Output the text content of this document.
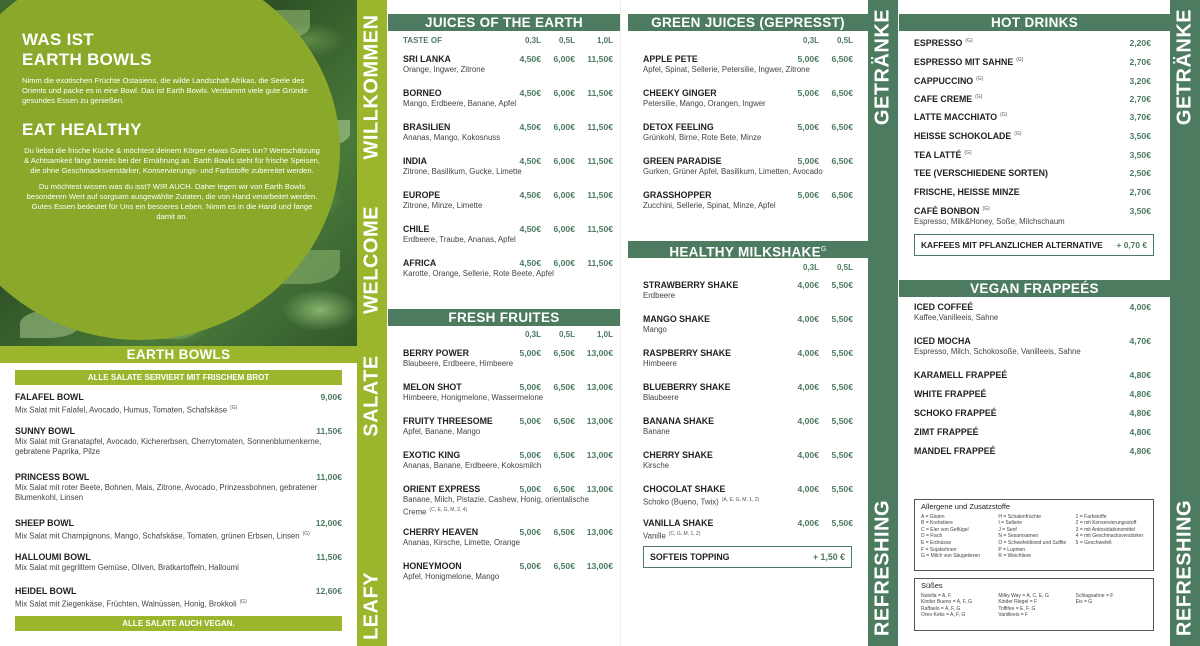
WAS IST
EARTH BOWLS

Nimm die exotischen Früchte Ostasiens, die wilde Landschaft Afrikas, die Seele des Orients und packe es in eine Bowl. Das ist Earth Bowls. Verdammt viele gute Gründe gesundes Essen zu genießen.

EAT HEALTHY

Du liebst die frische Küche & möchtest deinem Körper etwas Gutes tun? Wertschätzung & Achtsamkeit fängt bereits bei der Ernährung an. Earth Bowls steht für frische Speisen, die ohne Geschmacksverstärker, Konservierungs- und Farbstoffe zubereitet werden.

Du möchtest wissen was du isst? WIR AUCH. Daher legen wir von Earth Bowls besonderen Wert auf sorgsam ausgewählte Zutaten, die von Hand verarbeitet werden. Gutes Essen bedeutet für Uns ein besseres Leben. Nimm es in die Hand und fange damit an.

WILLKOMMEN
WELCOME
SALATE
LEAFY
GETRÄNKE
REFRESHING
GETRÄNKE
REFRESHING
EARTH BOWLS
ALLE SALATE SERVIERT MIT FRISCHEM BROT
FALAFEL BOWL	9,00€
Mix Salat mit Falafel, Avocado, Humus, Tomaten, Schafskäse $^{(G)}$
SUNNY BOWL	11,50€
Mix Salat mit Granatapfel, Avocado, Kichererbsen, Cherrytomaten, Sonnenblumenkerne, gebratene Paprika, Pilze
PRINCESS BOWL	11,00€
Mix Salat mit roter Beete, Bohnen, Mais, Zitrone, Avocado, Prinzessbohnen, gebratener Blumenkohl, Linsen
SHEEP BOWL	12,00€
Mix Salat mit Champignons, Mango, Schafskäse, Tomaten, grünen Erbsen, Linsen $^{(G)}$
HALLOUMI BOWL	11,50€
Mix Salat mit gegrilltem Gemüse, Oliven, Bratkartoffeln, Halloumi
HEIDEL BOWL	12,60€
Mix Salat mit Ziegenkäse, Früchten, Walnüssen, Honig, Brokkoli $^{(G)}$
ALLE SALATE AUCH VEGAN.
JUICES OF THE EARTH
TASTE OF	0,3L	0,5L	1,0L
SRI LANKA	4,50€	6,00€	11,50€
Orange, Ingwer, Zitrone
BORNEO	4,50€	6,00€	11,50€
Mango, Erdbeere, Banane, Apfel
BRASILIEN	4,50€	6,00€	11,50€
Ananas, Mango, Kokosnuss
INDIA	4,50€	6,00€	11,50€
Zitrone, Basilikum, Gucke, Limette
EUROPE	4,50€	6,00€	11,50€
Zitrone, Minze, Limette
CHILE	4,50€	6,00€	11,50€
Erdbeere, Traube, Ananas, Apfel
AFRICA	4,50€	6,00€	11,50€
Karotte, Orange, Sellerie, Rote Beete, Apfel
FRESH FRUITES
0,3L	0,5L	1,0L
BERRY POWER	5,00€	6,50€	13,00€
Blaubeere, Erdbeere, Himbeere
MELON SHOT	5,00€	6,50€	13,00€
Himbeere, Honigmelone, Wassermelone
FRUITY THREESOME	5,00€	6,50€	13,00€
Apfel, Banane, Mango
EXOTIC KING	5,00€	6,50€	13,00€
Ananas, Banane, Erdbeere, Kokosmilch
ORIENT EXPRESS	5,00€	6,50€	13,00€
Banane, Milch, Pistazie, Cashew, Honig, orientalische Creme $^{(C, E, G, M, 2, 4)}$
CHERRY HEAVEN	5,00€	6,50€	13,00€
Ananas, Kirsche, Limette, Orange
HONEYMOON	5,00€	6,50€	13,00€
Apfel, Honigmelone, Mango
GREEN JUICES (GEPRESST)
0,3L	0,5L
APPLE PETE	5,00€	6,50€
Apfel, Spinat, Sellerie, Petersilie, Ingwer, Zitrone
CHEEKY GINGER	5,00€	6,50€
Petersilie, Mango, Orangen, Ingwer
DETOX FEELING	5,00€	6,50€
Grünkohl, Birne, Rote Bete, Minze
GREEN PARADISE	5,00€	6,50€
Gurken, Grüner Apfel, Basilikum, Limetten, Avocado
GRASSHOPPER	5,00€	6,50€
Zucchini, Sellerie, Spinat, Minze, Apfel
HEALTHY $MILKSHAKE^G$
0,3L	0,5L
STRAWBERRY SHAKE	4,00€	5,50€
Erdbeere
MANGO SHAKE	4,00€	5,50€
Mango
RASPBERRY SHAKE	4,00€	5,50€
Himbeere
BLUEBERRY SHAKE	4,00€	5,50€
Blaubeere
BANANA SHAKE	4,00€	5,50€
Banane
CHERRY SHAKE	4,00€	5,50€
Kirsche
CHOCOLAT SHAKE	4,00€	5,50€
Schoko (Bueno, Twix) $^{(A, E, G, M, 1, 2)}$
VANILLA SHAKE	4,00€	5,50€
Vanille $^{(C, G, M, 1, 2)}$
SOFTEIS TOPPING	+ 1,50 €
HOT DRINKS
ESPRESSO $^{(G)}$	2,20€
ESPRESSO MIT SAHNE $^{(G)}$	2,70€
CAPPUCCINO $^{(G)}$	3,20€
CAFE CREME $^{(G)}$	2,70€
LATTE MACCHIATO $^{(G)}$	3,70€
HEISSE SCHOKOLADE $^{(G)}$	3,50€
TEA LATTÉ $^{(G)}$	3,50€
TEE (VERSCHIEDENE SORTEN)	2,50€
FRISCHE, HEISSE MINZE	2,70€
CAFÉ BONBON $^{(G)}$	3,50€
Espresso, Milk&Honey, Soße, Milchschaum
KAFFEES MIT PFLANZLICHER ALTERNATIVE + 0,70 €
VEGAN FRAPPEÉS
ICED COFFEÉ	4,00€
Kaffee,Vanilleeis, Sahne
ICED MOCHA	4,70€
Espresso, Milch, Schokosoße, Vanilleeis, Sahne
KARAMELL FRAPPEÉ	4,80€
WHITE FRAPPEÉ	4,80€
SCHOKO FRAPPEÉ	4,80€
ZIMT FRAPPEÉ	4,80€
MANDEL FRAPPEÉ	4,80€
Allergene und Zusatzstoffe
A = Gluten
B = Krebstiere
C = Eier von Geflügel
D = Fisch
E = Erdnüsse
F = Sojabohnen
G = Milch von Säugetieren
H = Schalenfrüchte
I = Sellerie
J = Senf
N = Sesamsamen
O = Schwefeldioxid und Sulfite
P = Lupinen
R = Weichtiere
1 = Farbstoffe
2 = mit Konservierungsstoff
3 = mit Antioxidationsmittel
4 = mit Geschmacksverstärker
5 = Geschwefelt
Süßes
Nutella = A, F
Kinder Bueno = A, F, G
Raffaelo = A, F, G
Oreo Keks = A, F, G
Milky Way = A, C, E, G
Kinder Riegel = F
Toffifee = E, F, G
Vanilleeis = F
Schlagsahne = F
Eis = G
